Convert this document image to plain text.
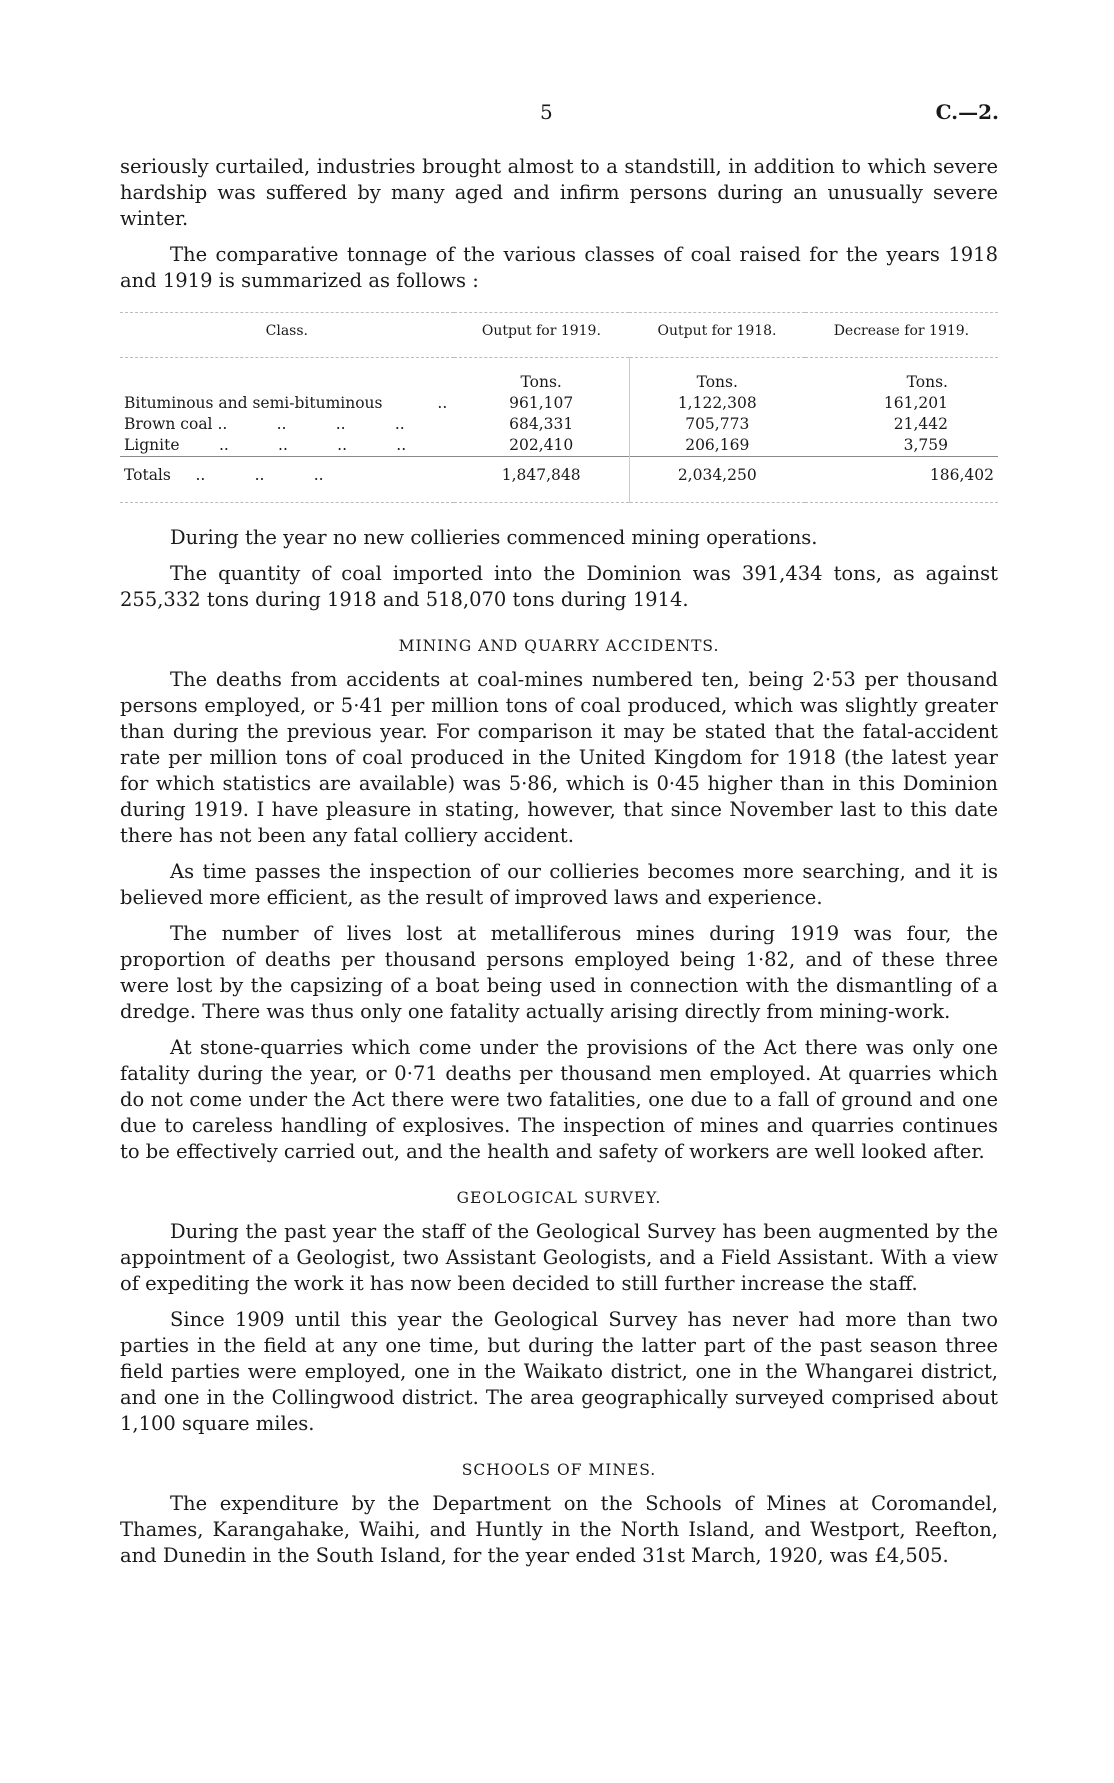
5	C.—2.

seriously curtailed, industries brought almost to a standstill, in addition to which severe hardship was suffered by many aged and infirm persons during an unusually severe winter.

The comparative tonnage of the various classes of coal raised for the years 1918 and 1919 is summarized as follows :

Class.	Output for 1919.	Output for 1918.	Decrease for 1919.
	Tons.	Tons.	Tons.
Bituminous and semi-bituminous ..	961,107	1,122,308	161,201
Brown coal ..          ..          ..          ..	684,331	705,773	21,442
Lignite ..          ..          ..          ..	202,410	206,169	3,759
Totals ..          ..          ..	1,847,848	2,034,250	186,402

During the year no new collieries commenced mining operations.

The quantity of coal imported into the Dominion was 391,434 tons, as against 255,332 tons during 1918 and 518,070 tons during 1914.

MINING AND QUARRY ACCIDENTS.

The deaths from accidents at coal-mines numbered ten, being 2·53 per thousand persons employed, or 5·41 per million tons of coal produced, which was slightly greater than during the previous year. For comparison it may be stated that the fatal-accident rate per million tons of coal produced in the United Kingdom for 1918 (the latest year for which statistics are available) was 5·86, which is 0·45 higher than in this Dominion during 1919. I have pleasure in stating, however, that since November last to this date there has not been any fatal colliery accident.

As time passes the inspection of our collieries becomes more searching, and it is believed more efficient, as the result of improved laws and experience.

The number of lives lost at metalliferous mines during 1919 was four, the proportion of deaths per thousand persons employed being 1·82, and of these three were lost by the capsizing of a boat being used in connection with the dismantling of a dredge. There was thus only one fatality actually arising directly from mining-work.

At stone-quarries which come under the provisions of the Act there was only one fatality during the year, or 0·71 deaths per thousand men employed. At quarries which do not come under the Act there were two fatalities, one due to a fall of ground and one due to careless handling of explosives. The inspection of mines and quarries continues to be effectively carried out, and the health and safety of workers are well looked after.

GEOLOGICAL SURVEY.

During the past year the staff of the Geological Survey has been augmented by the appointment of a Geologist, two Assistant Geologists, and a Field Assistant. With a view of expediting the work it has now been decided to still further increase the staff.

Since 1909 until this year the Geological Survey has never had more than two parties in the field at any one time, but during the latter part of the past season three field parties were employed, one in the Waikato district, one in the Whangarei district, and one in the Collingwood district. The area geographically surveyed comprised about 1,100 square miles.

SCHOOLS OF MINES.

The expenditure by the Department on the Schools of Mines at Coromandel, Thames, Karangahake, Waihi, and Huntly in the North Island, and Westport, Reefton, and Dunedin in the South Island, for the year ended 31st March, 1920, was £4,505.
